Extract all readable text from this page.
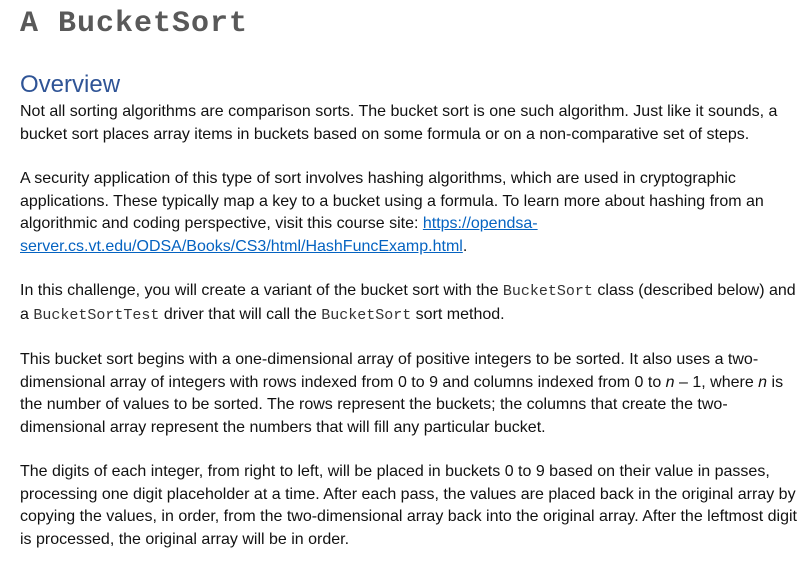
A BucketSort
Overview

Not all sorting algorithms are comparison sorts. The bucket sort is one such algorithm. Just like it sounds, a bucket sort places array items in buckets based on some formula or on a non-comparative set of steps.

A security application of this type of sort involves hashing algorithms, which are used in cryptographic applications. These typically map a key to a bucket using a formula. To learn more about hashing from an algorithmic and coding perspective, visit this course site: https://opendsa-server.cs.vt.edu/ODSA/Books/CS3/html/HashFuncExamp.html.

In this challenge, you will create a variant of the bucket sort with the BucketSort class (described below) and a BucketSortTest driver that will call the BucketSort sort method.

This bucket sort begins with a one-dimensional array of positive integers to be sorted. It also uses a two-dimensional array of integers with rows indexed from 0 to 9 and columns indexed from 0 to n – 1, where n is the number of values to be sorted. The rows represent the buckets; the columns that create the two-dimensional array represent the numbers that will fill any particular bucket.

The digits of each integer, from right to left, will be placed in buckets 0 to 9 based on their value in passes, processing one digit placeholder at a time. After each pass, the values are placed back in the original array by copying the values, in order, from the two-dimensional array back into the original array. After the leftmost digit is processed, the original array will be in order.
